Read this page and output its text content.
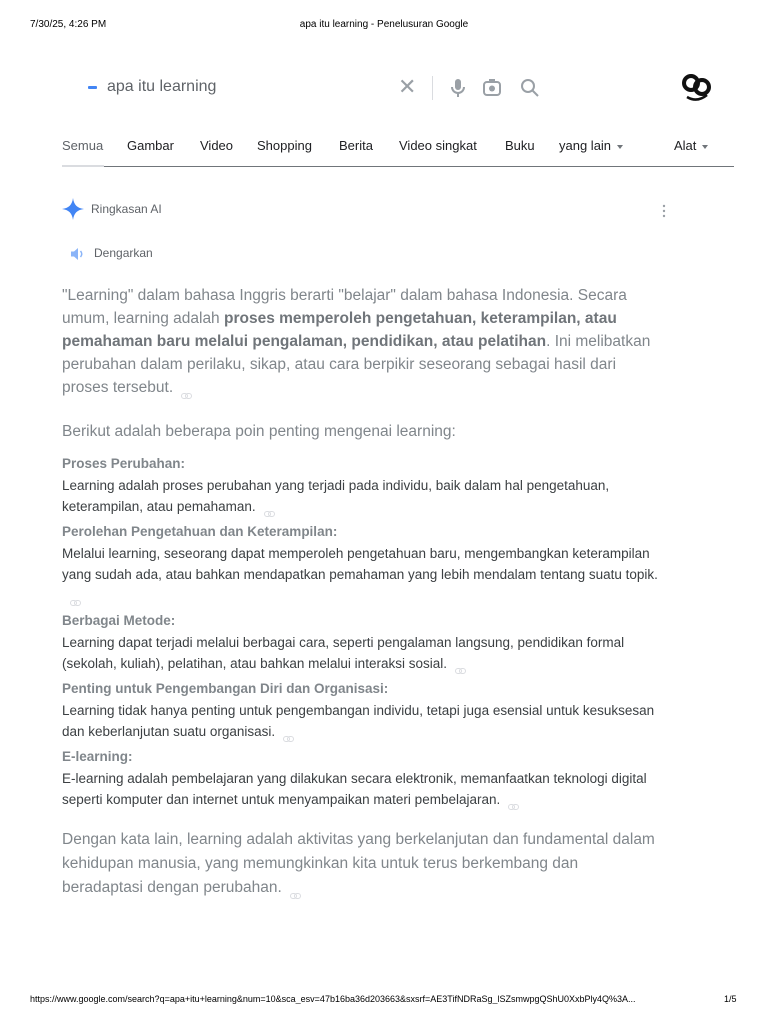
7/30/25, 4:26 PM	apa itu learning - Penelusuran Google
apa itu learning	✕
Semua Gambar Video Shopping Berita Video singkat Buku yang lain	Alat
Ringkasan AI
Dengarkan

"Learning" dalam bahasa Inggris berarti "belajar" dalam bahasa Indonesia. Secara umum, learning adalah proses memperoleh pengetahuan, keterampilan, atau pemahaman baru melalui pengalaman, pendidikan, atau pelatihan. Ini melibatkan perubahan dalam perilaku, sikap, atau cara berpikir seseorang sebagai hasil dari proses tersebut.

Berikut adalah beberapa poin penting mengenai learning:

Proses Perubahan:
Learning adalah proses perubahan yang terjadi pada individu, baik dalam hal pengetahuan, keterampilan, atau pemahaman.
Perolehan Pengetahuan dan Keterampilan:
Melalui learning, seseorang dapat memperoleh pengetahuan baru, mengembangkan keterampilan yang sudah ada, atau bahkan mendapatkan pemahaman yang lebih mendalam tentang suatu topik.
Berbagai Metode:
Learning dapat terjadi melalui berbagai cara, seperti pengalaman langsung, pendidikan formal (sekolah, kuliah), pelatihan, atau bahkan melalui interaksi sosial.
Penting untuk Pengembangan Diri dan Organisasi:
Learning tidak hanya penting untuk pengembangan individu, tetapi juga esensial untuk kesuksesan dan keberlanjutan suatu organisasi.
E-learning:
E-learning adalah pembelajaran yang dilakukan secara elektronik, memanfaatkan teknologi digital seperti komputer dan internet untuk menyampaikan materi pembelajaran.

Dengan kata lain, learning adalah aktivitas yang berkelanjutan dan fundamental dalam kehidupan manusia, yang memungkinkan kita untuk terus berkembang dan beradaptasi dengan perubahan.

https://www.google.com/search?q=apa+itu+learning&num=10&sca_esv=47b16ba36d203663&sxsrf=AE3TifNDRaSg_lSZsmwpgQShU0XxbPly4Q%3A...	1/5
